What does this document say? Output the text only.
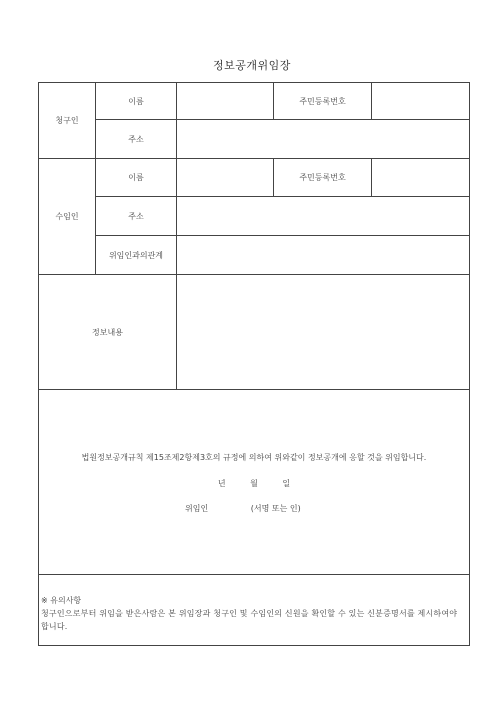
정보공개위임장
청구인	이름		주민등록번호	
	주소			
수임인	이름		주민등록번호	
	주소			
	위임인과의관계			
정보내용				

법원정보공개규칙 제15조제2항제3호의 규정에 의하여 위와같이 정보공개에 응할 것을 위임합니다.
년 월 일
위임인 (서명 또는 인)				

※ 유의사항
청구인으로부터 위임을 받은사람은 본 위임장과 청구인 및 수임인의 신원을 확인할 수 있는 신분증명서를 제시하여야 합니다.				
